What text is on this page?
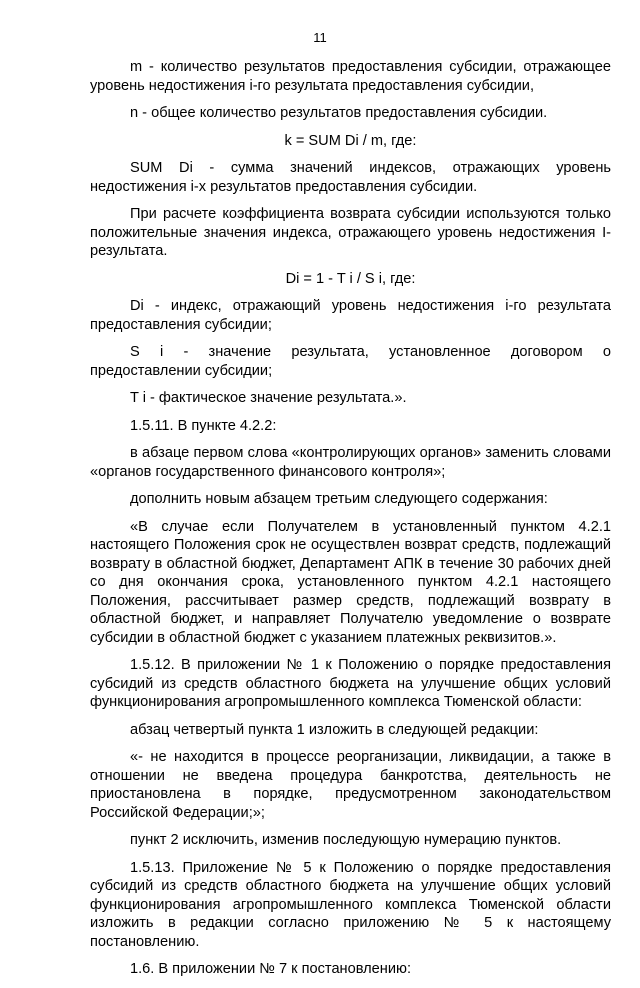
11

m - количество результатов предоставления субсидии, отражающее уровень недостижения i-го результата предоставления субсидии,

n - общее количество результатов предоставления субсидии.

k = SUM Di / m, где:

SUM Di - сумма значений индексов, отражающих уровень недостижения i-х результатов предоставления субсидии.

При расчете коэффициента возврата субсидии используются только положительные значения индекса, отражающего уровень недостижения I-результата.

Di = 1 - T i / S i, где:

Di - индекс, отражающий уровень недостижения i-го результата предоставления субсидии;

S i - значение результата, установленное договором о предоставлении субсидии;

T i - фактическое значение результата.».

1.5.11. В пункте 4.2.2:

в абзаце первом слова «контролирующих органов» заменить словами «органов государственного финансового контроля»;

дополнить новым абзацем третьим следующего содержания:

«В случае если Получателем в установленный пунктом 4.2.1 настоящего Положения срок не осуществлен возврат средств, подлежащий возврату в областной бюджет, Департамент АПК в течение 30 рабочих дней со дня окончания срока, установленного пунктом 4.2.1 настоящего Положения, рассчитывает размер средств, подлежащий возврату в областной бюджет, и направляет Получателю уведомление о возврате субсидии в областной бюджет с указанием платежных реквизитов.».

1.5.12. В приложении № 1 к Положению о порядке предоставления субсидий из средств областного бюджета на улучшение общих условий функционирования агропромышленного комплекса Тюменской области:

абзац четвертый пункта 1 изложить в следующей редакции:

«- не находится в процессе реорганизации, ликвидации, а также в отношении не введена процедура банкротства, деятельность не приостановлена в порядке, предусмотренном законодательством Российской Федерации;»;

пункт 2 исключить, изменив последующую нумерацию пунктов.

1.5.13. Приложение № 5 к Положению о порядке предоставления субсидий из средств областного бюджета на улучшение общих условий функционирования агропромышленного комплекса Тюменской области изложить в редакции согласно приложению № 5 к настоящему постановлению.

1.6. В приложении № 7 к постановлению:
